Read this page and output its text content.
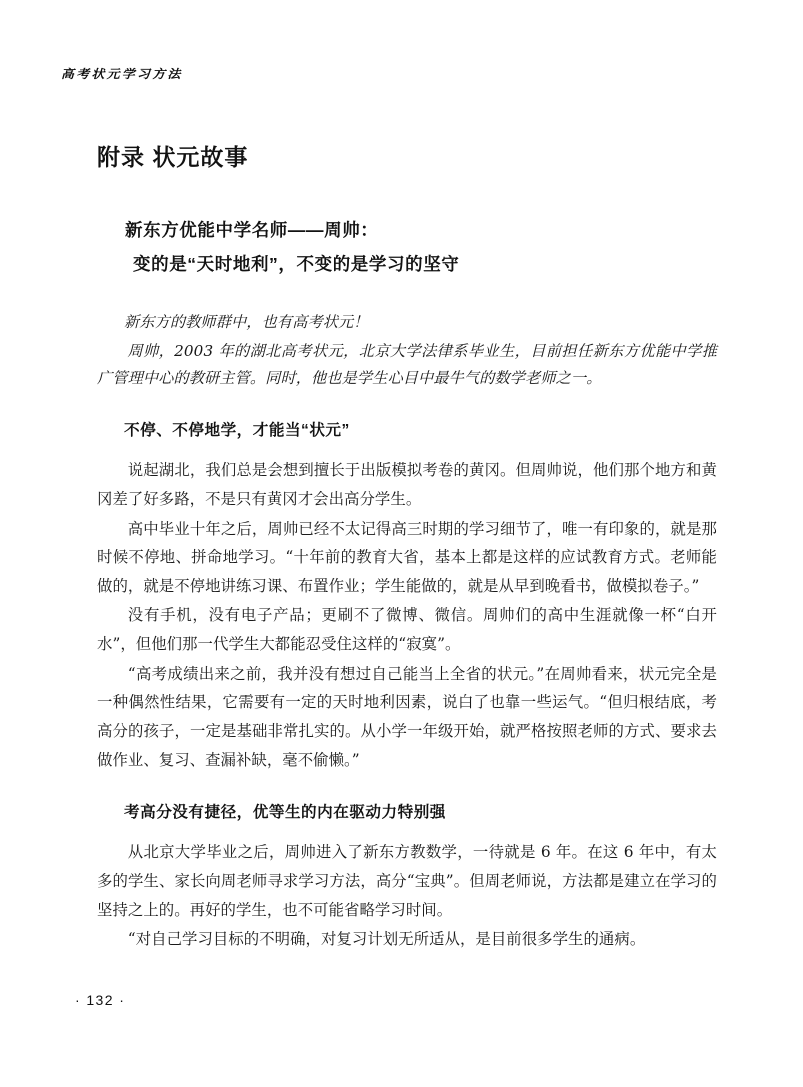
高考状元学习方法
附录 状元故事
新东方优能中学名师——周帅：
变的是“天时地利”，不变的是学习的坚守

新东方的教师群中，也有高考状元！

周帅，2003 年的湖北高考状元，北京大学法律系毕业生，目前担任新东方优能中学推广管理中心的教研主管。同时，他也是学生心目中最牛气的数学老师之一。

不停、不停地学，才能当“状元”

说起湖北，我们总是会想到擅长于出版模拟考卷的黄冈。但周帅说，他们那个地方和黄冈差了好多路，不是只有黄冈才会出高分学生。

高中毕业十年之后，周帅已经不太记得高三时期的学习细节了，唯一有印象的，就是那时候不停地、拼命地学习。“十年前的教育大省，基本上都是这样的应试教育方式。老师能做的，就是不停地讲练习课、布置作业；学生能做的，就是从早到晚看书，做模拟卷子。”

没有手机，没有电子产品；更刷不了微博、微信。周帅们的高中生涯就像一杯“白开水”，但他们那一代学生大都能忍受住这样的“寂寞”。

“高考成绩出来之前，我并没有想过自己能当上全省的状元。”在周帅看来，状元完全是一种偶然性结果，它需要有一定的天时地利因素，说白了也靠一些运气。“但归根结底，考高分的孩子，一定是基础非常扎实的。从小学一年级开始，就严格按照老师的方式、要求去做作业、复习、查漏补缺，毫不偷懒。”

考高分没有捷径，优等生的内在驱动力特别强

从北京大学毕业之后，周帅进入了新东方教数学，一待就是 6 年。在这 6 年中，有太多的学生、家长向周老师寻求学习方法，高分“宝典”。但周老师说，方法都是建立在学习的坚持之上的。再好的学生，也不可能省略学习时间。

“对自己学习目标的不明确，对复习计划无所适从，是目前很多学生的通病。

· 132 ·
